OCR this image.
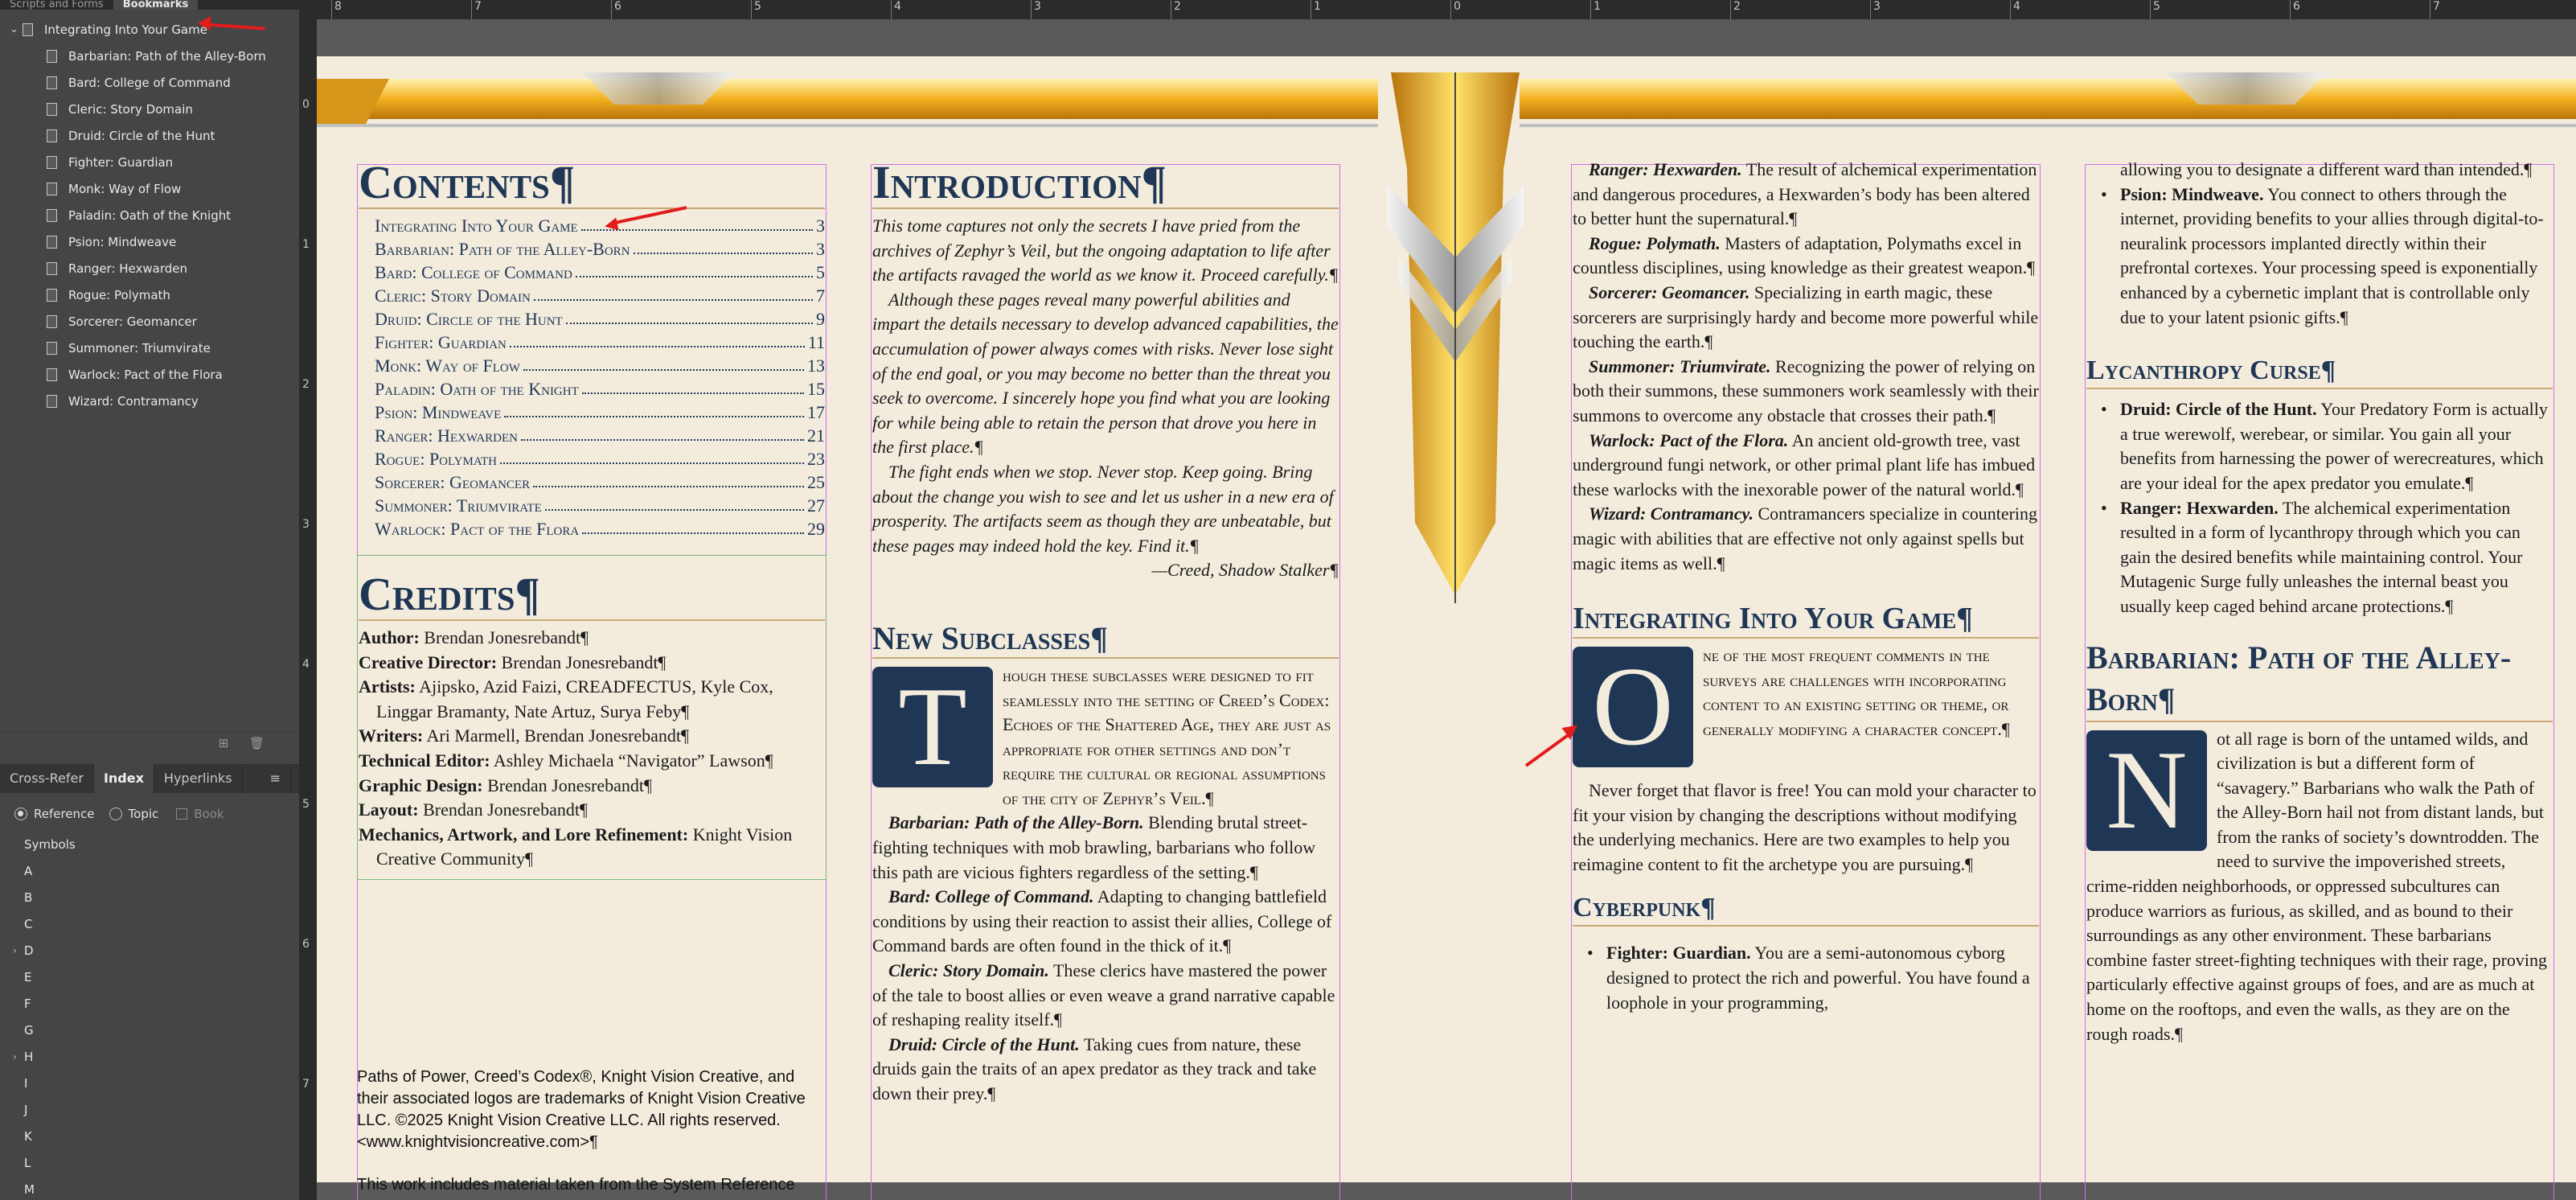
Scripts and Forms Bookmarks
⌄	Integrating Into Your Game
Barbarian: Path of the Alley-Born
Bard: College of Command
Cleric: Story Domain
Druid: Circle of the Hunt
Fighter: Guardian
Monk: Way of Flow
Paladin: Oath of the Knight
Psion: Mindweave
Ranger: Hexwarden
Rogue: Polymath
Sorcerer: Geomancer
Summoner: Triumvirate
Warlock: Pact of the Flora
Wizard: Contramancy
⊞ 🗑
Cross-Refer	Index	Hyperlinks	≡
Reference	Topic	Book
Symbols
A
B
C
› D
E
F
G
› H
I
J
K
L
M
0
1
2
3
4
5
6
7
8	7	6	5	4	3	2	1	0	1	2	3	4	5	6	7
Contents¶
Integrating Into Your Game	3
Barbarian: Path of the Alley-Born	3
Bard: College of Command	5
Cleric: Story Domain	7
Druid: Circle of the Hunt	9
Fighter: Guardian	11
Monk: Way of Flow	13
Paladin: Oath of the Knight	15
Psion: Mindweave	17
Ranger: Hexwarden	21
Rogue: Polymath	23
Sorcerer: Geomancer	25
Summoner: Triumvirate	27
Warlock: Pact of the Flora	29
Credits¶
Author: Brendan Jonesrebandt¶
Creative Director: Brendan Jonesrebandt¶
Artists: Ajipsko, Azid Faizi, CREADFECTUS, Kyle Cox, Linggar Bramanty, Nate Artuz, Surya Feby¶
Writers: Ari Marmell, Brendan Jonesrebandt¶
Technical Editor: Ashley Michaela “Navigator” Lawson¶
Graphic Design: Brendan Jonesrebandt¶
Layout: Brendan Jonesrebandt¶
Mechanics, Artwork, and Lore Refinement: Knight Vision Creative Community¶
Paths of Power, Creed’s Codex®, Knight Vision Creative, and their associated logos are trademarks of Knight Vision Creative LLC. ©2025 Knight Vision Creative LLC. All rights reserved. <www.knightvisioncreative.com>¶
This work includes material taken from the System Reference
Introduction¶
This tome captures not only the secrets I have pried from the archives of Zephyr’s Veil, but the ongoing adaptation to life after the artifacts ravaged the world as we know it. Proceed carefully.¶
Although these pages reveal many powerful abilities and impart the details necessary to develop advanced capabilities, the accumulation of power always comes with risks. Never lose sight of the end goal, or you may become no better than the threat you seek to overcome. I sincerely hope you find what you are looking for while being able to retain the person that drove you here in the first place.¶
The fight ends when we stop. Never stop. Keep going. Bring about the change you wish to see and let us usher in a new era of prosperity. The artifacts seem as though they are unbeatable, but these pages may indeed hold the key. Find it.¶
—Creed, Shadow Stalker¶
New Subclasses¶
T	hough these subclasses were designed to fit seamlessly into the setting of Creed’s Codex: Echoes of the Shattered Age, they are just as appropriate for other settings and don’t require the cultural or regional assumptions of the city of Zephyr’s Veil.¶
Barbarian: Path of the Alley-Born. Blending brutal street-fighting techniques with mob brawling, barbarians who follow this path are vicious fighters regardless of the setting.¶
Bard: College of Command. Adapting to changing battlefield conditions by using their reaction to assist their allies, College of Command bards are often found in the thick of it.¶
Cleric: Story Domain. These clerics have mastered the power of the tale to boost allies or even weave a grand narrative capable of reshaping reality itself.¶
Druid: Circle of the Hunt. Taking cues from nature, these druids gain the traits of an apex predator as they track and take down their prey.¶
Ranger: Hexwarden. The result of alchemical experimentation and dangerous procedures, a Hexwarden’s body has been altered to better hunt the supernatural.¶
Rogue: Polymath. Masters of adaptation, Polymaths excel in countless disciplines, using knowledge as their greatest weapon.¶
Sorcerer: Geomancer. Specializing in earth magic, these sorcerers are surprisingly hardy and become more powerful while touching the earth.¶
Summoner: Triumvirate. Recognizing the power of relying on both their summons, these summoners work seamlessly with their summons to overcome any obstacle that crosses their path.¶
Warlock: Pact of the Flora. An ancient old-growth tree, vast underground fungi network, or other primal plant life has imbued these warlocks with the inexorable power of the natural world.¶
Wizard: Contramancy. Contramancers specialize in countering magic with abilities that are effective not only against spells but magic items as well.¶
Integrating Into Your Game¶
O	ne of the most frequent comments in the surveys are challenges with incorporating content to an existing setting or theme, or generally modifying a character concept.¶
Never forget that flavor is free! You can mold your character to fit your vision by changing the descriptions without modifying the underlying mechanics. Here are two examples to help you reimagine content to fit the archetype you are pursuing.¶
Cyberpunk¶
• Fighter: Guardian. You are a semi-autonomous cyborg designed to protect the rich and powerful. You have found a loophole in your programming,
allowing you to designate a different ward than intended.¶
• Psion: Mindweave. You connect to others through the internet, providing benefits to your allies through digital-to-neuralink processors implanted directly within their prefrontal cortexes. Your processing speed is exponentially enhanced by a cybernetic implant that is controllable only due to your latent psionic gifts.¶
Lycanthropy Curse¶
• Druid: Circle of the Hunt. Your Predatory Form is actually a true werewolf, werebear, or similar. You gain all your benefits from harnessing the power of werecreatures, which are your ideal for the apex predator you emulate.¶
• Ranger: Hexwarden. The alchemical experimentation resulted in a form of lycanthropy through which you can gain the desired benefits while maintaining control. Your Mutagenic Surge fully unleashes the internal beast you usually keep caged behind arcane protections.¶
Barbarian: Path of the Alley-Born¶
N	ot all rage is born of the untamed wilds, and civilization is but a different form of “savagery.” Barbarians who walk the Path of the Alley-Born hail not from distant lands, but from the ranks of society’s downtrodden. The need to survive the impoverished streets, crime-ridden neighborhoods, or oppressed subcultures can produce warriors as furious, as skilled, and as bound to their surroundings as any other environment. These barbarians combine faster street-fighting techniques with their rage, proving particularly effective against groups of foes, and are as much at home on the rooftops, and even the walls, as they are on the rough roads.¶
